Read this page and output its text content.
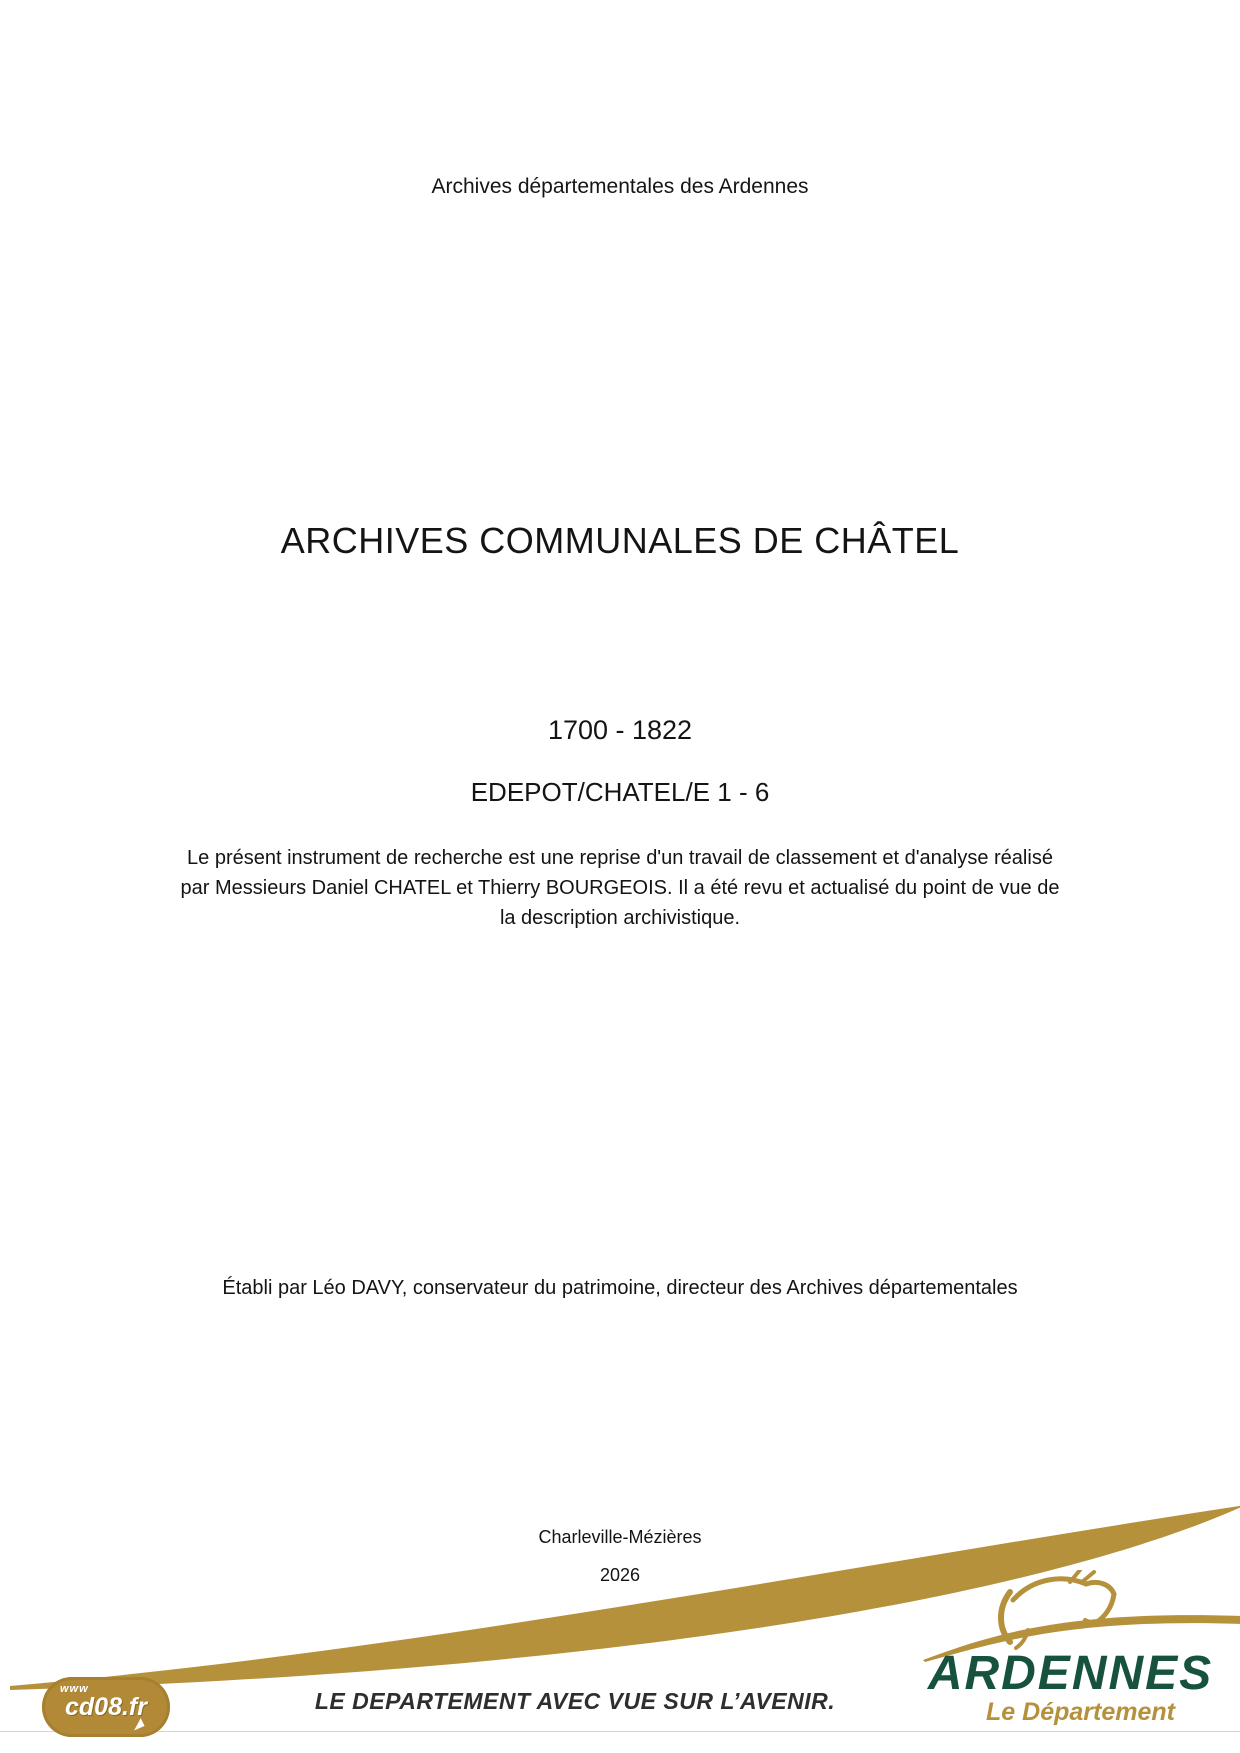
Archives départementales des Ardennes
ARCHIVES COMMUNALES DE CHÂTEL
1700 - 1822
EDEPOT/CHATEL/E 1 - 6
Le présent instrument de recherche est une reprise d'un travail de classement et d'analyse réalisé par Messieurs Daniel CHATEL et Thierry BOURGEOIS. Il a été revu et actualisé du point de vue de la description archivistique.
Établi par Léo DAVY, conservateur du patrimoine, directeur des Archives départementales
Charleville-Mézières
2026
www
cd08.fr	LE DEPARTEMENT AVEC VUE SUR L’AVENIR.
ARDENNES
Le Département
